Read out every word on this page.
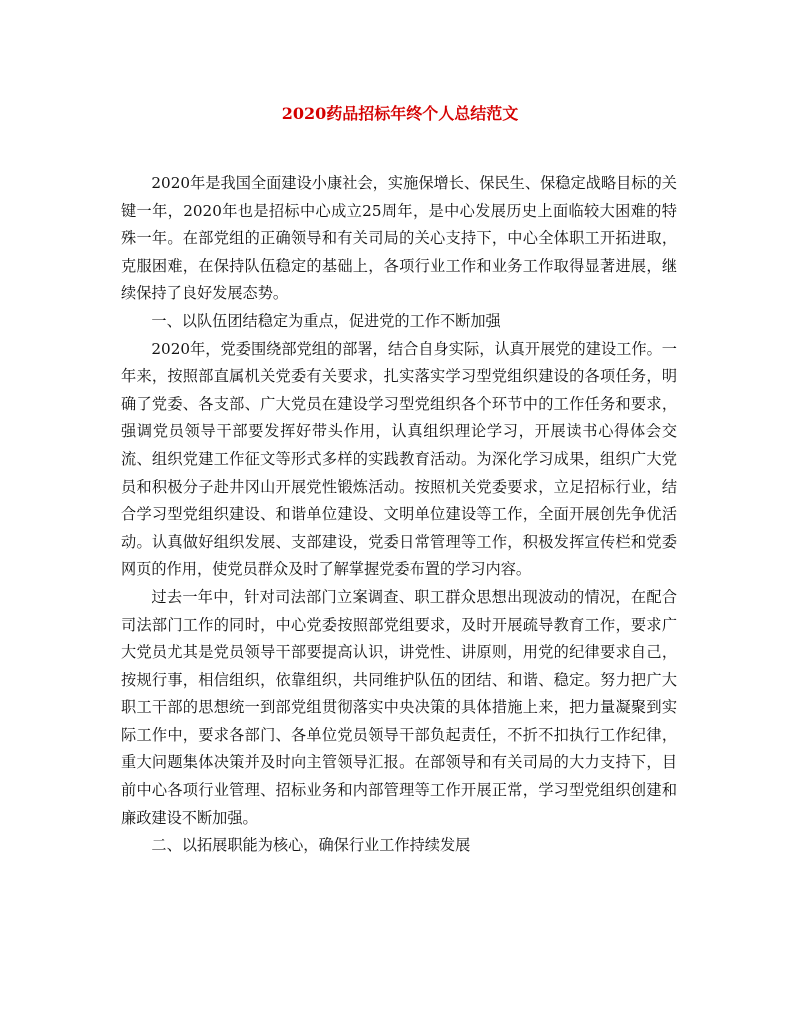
2020药品招标年终个人总结范文

2020年是我国全面建设小康社会，实施保增长、保民生、保稳定战略目标的关键一年，2020年也是招标中心成立25周年，是中心发展历史上面临较大困难的特殊一年。在部党组的正确领导和有关司局的关心支持下，中心全体职工开拓进取，克服困难，在保持队伍稳定的基础上，各项行业工作和业务工作取得显著进展，继续保持了良好发展态势。

一、以队伍团结稳定为重点，促进党的工作不断加强

2020年，党委围绕部党组的部署，结合自身实际，认真开展党的建设工作。一年来，按照部直属机关党委有关要求，扎实落实学习型党组织建设的各项任务，明确了党委、各支部、广大党员在建设学习型党组织各个环节中的工作任务和要求，强调党员领导干部要发挥好带头作用，认真组织理论学习，开展读书心得体会交流、组织党建工作征文等形式多样的实践教育活动。为深化学习成果，组织广大党员和积极分子赴井冈山开展党性锻炼活动。按照机关党委要求，立足招标行业，结合学习型党组织建设、和谐单位建设、文明单位建设等工作，全面开展创先争优活动。认真做好组织发展、支部建设，党委日常管理等工作，积极发挥宣传栏和党委网页的作用，使党员群众及时了解掌握党委布置的学习内容。

过去一年中，针对司法部门立案调查、职工群众思想出现波动的情况，在配合司法部门工作的同时，中心党委按照部党组要求，及时开展疏导教育工作，要求广大党员尤其是党员领导干部要提高认识，讲党性、讲原则，用党的纪律要求自己，按规行事，相信组织，依靠组织，共同维护队伍的团结、和谐、稳定。努力把广大职工干部的思想统一到部党组贯彻落实中央决策的具体措施上来，把力量凝聚到实际工作中，要求各部门、各单位党员领导干部负起责任，不折不扣执行工作纪律，重大问题集体决策并及时向主管领导汇报。在部领导和有关司局的大力支持下，目前中心各项行业管理、招标业务和内部管理等工作开展正常，学习型党组织创建和廉政建设不断加强。

二、以拓展职能为核心，确保行业工作持续发展
